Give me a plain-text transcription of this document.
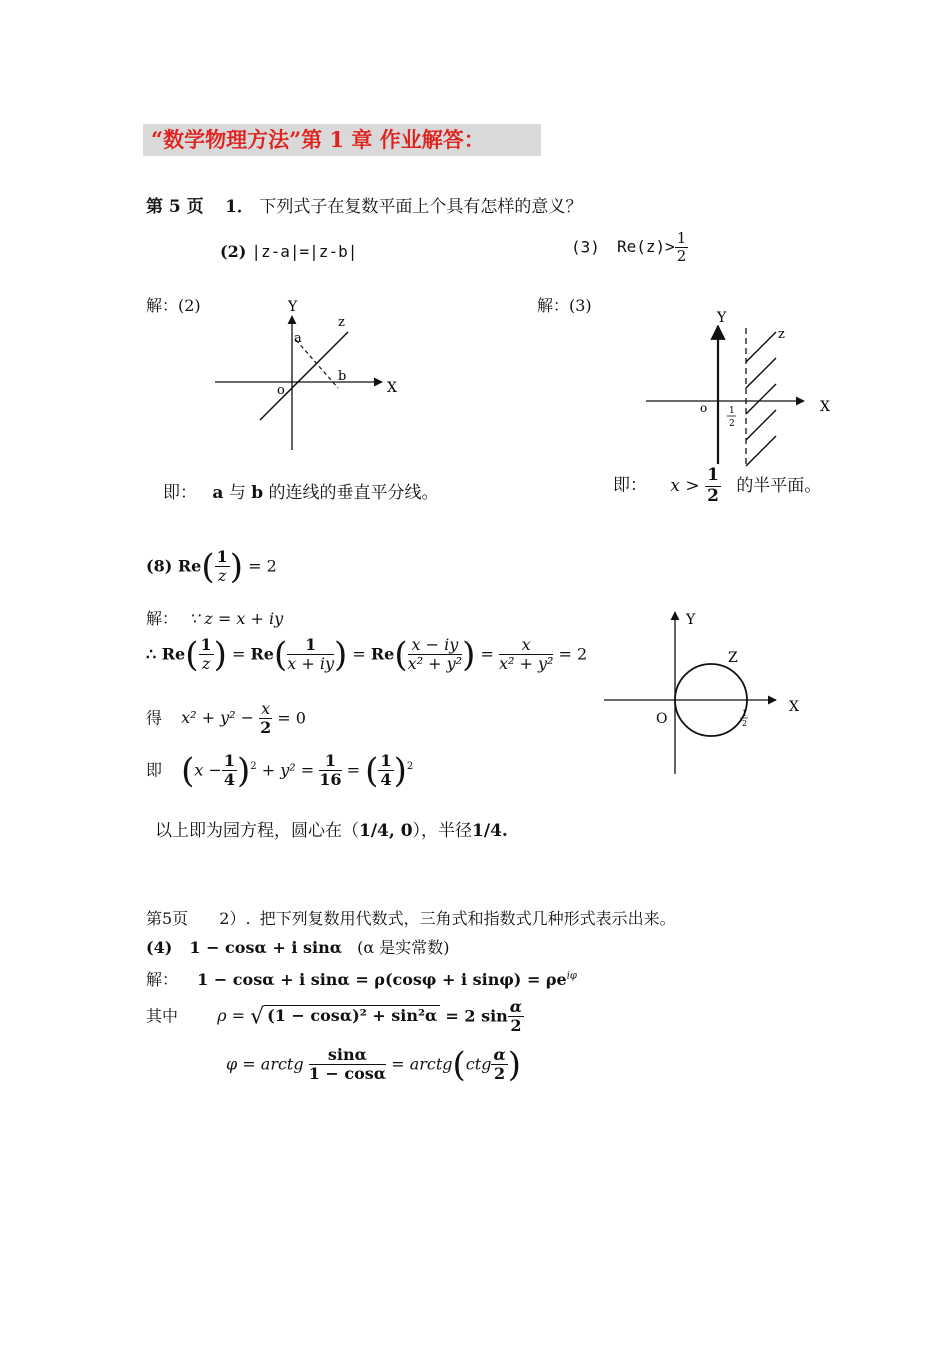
“数学物理方法”第 1 章 作业解答：
第 5 页 1． 下列式子在复数平面上个具有怎样的意义？
(2) ∣z-a∣=∣z-b∣	(3) $Re(z)> \frac{1}{2}$
解：(2)	解：(3)
Y
X
o
a
b
z	Y
X
o
z
1
2
即： a 与 b 的连线的垂直平分线。	即： $x > \frac{1}{2}$ 的半平面。
(8) $Re( \frac{1}{z}$ ) = 2
解： ∵ z = x + iy
∴ $Re( \frac{1}{z}$ ) = $Re( \frac{1}{x + iy}$ ) = $Re( \frac{x - iy}{\text{x² + y²}}$ ) = $\frac{x}{\text{x² + y²}} = 2$
得 $x^2 + y^2 - \frac{x}{2} = 0$
即 $(x - \frac{1}{4} )^2 + y^2 = \frac{1}{16}$ = ( $\frac{1}{4} )^2$
以上即为园方程，圆心在（1/4, 0），半径1/4.
Y
X
O
Z
1
2
第5页 2）. 把下列复数用代数式，三角式和指数式几种形式表示出来。
(4) 1 − cosα + i sinα (α 是实常数)
解： 1 − cosα + i sinα = ρ(cosφ + i $\sin\varphi) = \rho e^{i\varphi}$
其中 ρ = √ (1 − cosα)² + sin²α = 2 $\sin \frac{\alpha}{2}$
φ = arctg $\frac{\sin\alpha}{1 - \cos\alpha}$ = arctg(ctg $\frac{\alpha}{2}$ )
